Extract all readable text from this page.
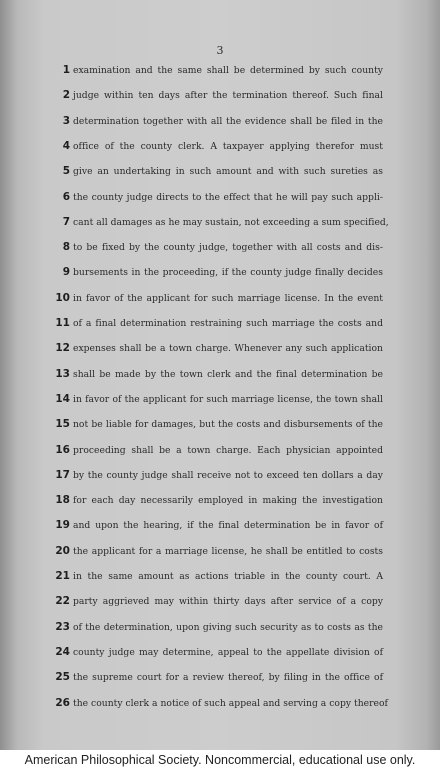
3
1 examination and the same shall be determined by such county
2 judge within ten days after the termination thereof. Such final
3 determination together with all the evidence shall be filed in the
4 office of the county clerk. A taxpayer applying therefor must
5 give an undertaking in such amount and with such sureties as
6 the county judge directs to the effect that he will pay such appli-
7 cant all damages as he may sustain, not exceeding a sum specified,
8 to be fixed by the county judge, together with all costs and dis-
9 bursements in the proceeding, if the county judge finally decides
10 in favor of the applicant for such marriage license. In the event
11 of a final determination restraining such marriage the costs and
12 expenses shall be a town charge. Whenever any such application
13 shall be made by the town clerk and the final determination be
14 in favor of the applicant for such marriage license, the town shall
15 not be liable for damages, but the costs and disbursements of the
16 proceeding shall be a town charge. Each physician appointed
17 by the county judge shall receive not to exceed ten dollars a day
18 for each day necessarily employed in making the investigation
19 and upon the hearing, if the final determination be in favor of
20 the applicant for a marriage license, he shall be entitled to costs
21 in the same amount as actions triable in the county court. A
22 party aggrieved may within thirty days after service of a copy
23 of the determination, upon giving such security as to costs as the
24 county judge may determine, appeal to the appellate division of
25 the supreme court for a review thereof, by filing in the office of
26 the county clerk a notice of such appeal and serving a copy thereof
American Philosophical Society. Noncommercial, educational use only.
